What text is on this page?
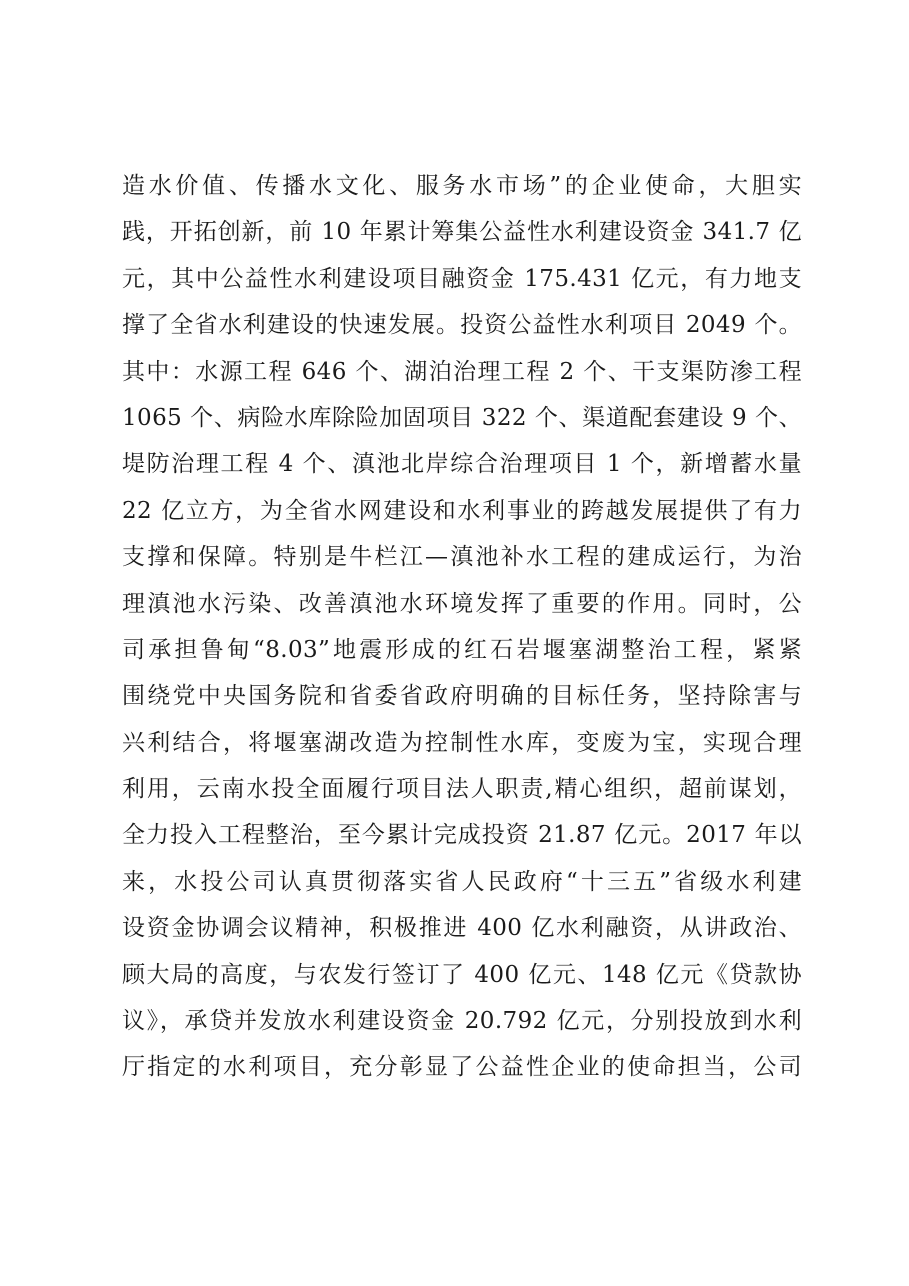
造水价值、传播水文化、服务水市场”的企业使命，大胆实
践，开拓创新，前 10 年累计筹集公益性水利建设资金 341.7 亿
元，其中公益性水利建设项目融资金 175.431 亿元，有力地支
撑了全省水利建设的快速发展。投资公益性水利项目 2049 个。
其中：水源工程 646 个、湖泊治理工程 2 个、干支渠防渗工程
1065 个、病险水库除险加固项目 322 个、渠道配套建设 9 个、
堤防治理工程 4 个、滇池北岸综合治理项目 1 个，新增蓄水量
22 亿立方，为全省水网建设和水利事业的跨越发展提供了有力
支撑和保障。特别是牛栏江—滇池补水工程的建成运行，为治
理滇池水污染、改善滇池水环境发挥了重要的作用。同时，公
司承担鲁甸“8.03”地震形成的红石岩堰塞湖整治工程，紧紧
围绕党中央国务院和省委省政府明确的目标任务，坚持除害与
兴利结合，将堰塞湖改造为控制性水库，变废为宝，实现合理
利用，云南水投全面履行项目法人职责,精心组织，超前谋划，
全力投入工程整治，至今累计完成投资 21.87 亿元。2017 年以
来，水投公司认真贯彻落实省人民政府“十三五”省级水利建
设资金协调会议精神，积极推进 400 亿水利融资，从讲政治、
顾大局的高度，与农发行签订了 400 亿元、148 亿元《贷款协
议》，承贷并发放水利建设资金 20.792 亿元，分别投放到水利
厅指定的水利项目，充分彰显了公益性企业的使命担当，公司
